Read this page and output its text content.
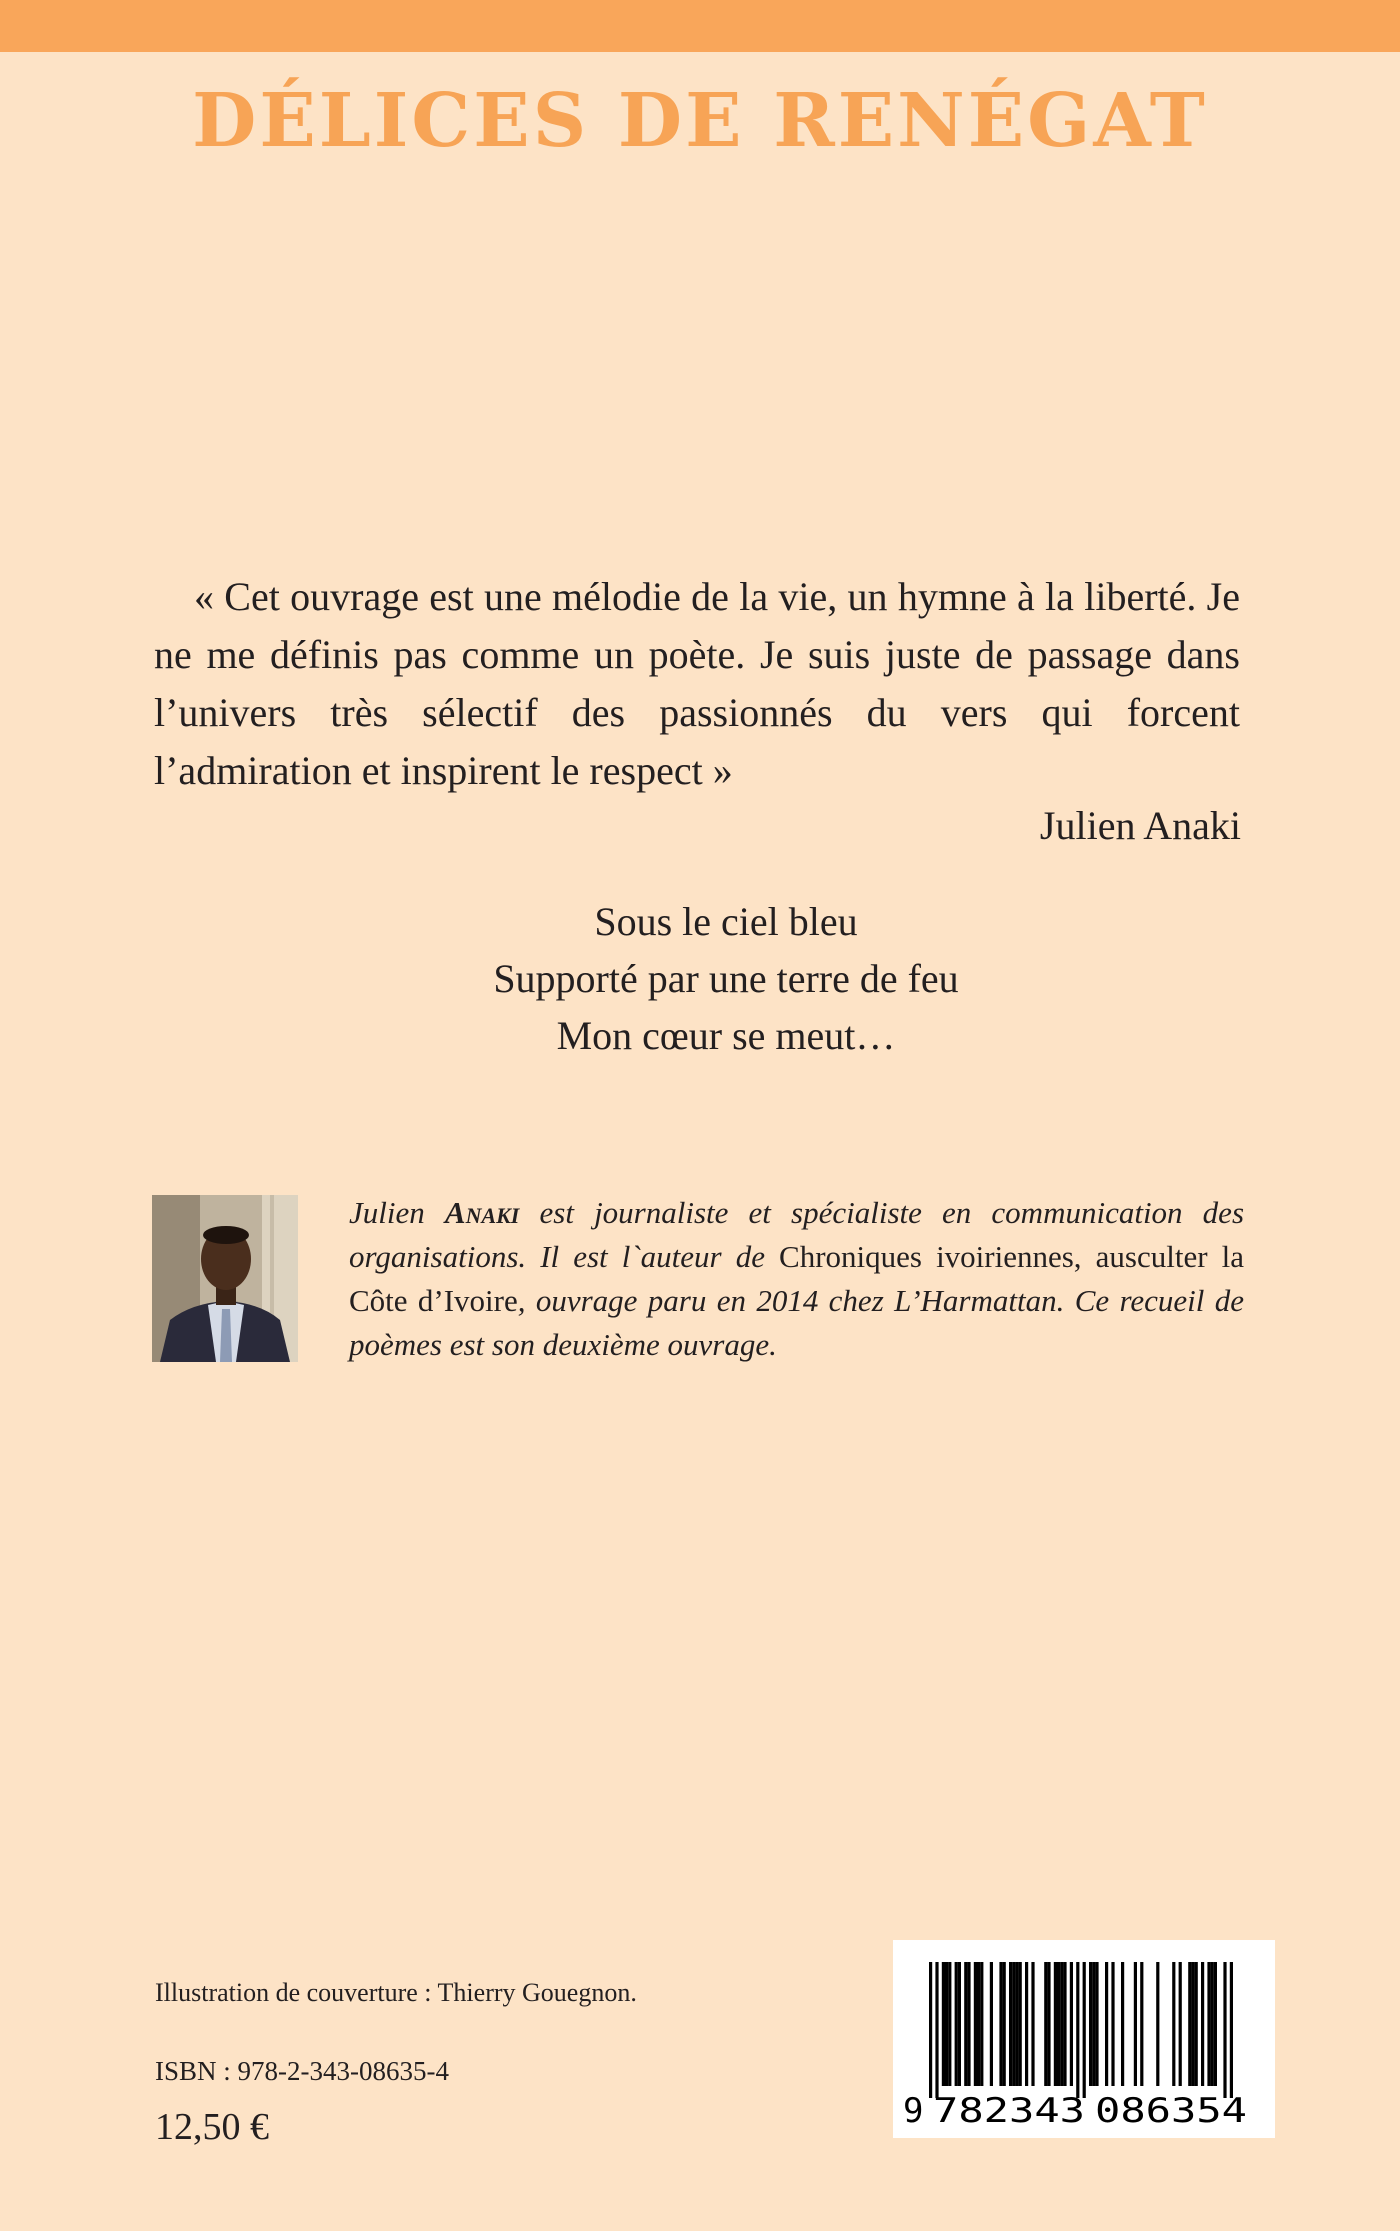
DÉLICES DE RENÉGAT

« Cet ouvrage est une mélodie de la vie, un hymne à la liberté. Je ne me définis pas comme un poète. Je suis juste de passage dans l’univers très sélectif des passionnés du vers qui forcent l’admiration et inspirent le respect »

Julien Anaki
Sous le ciel bleu
Supporté par une terre de feu
Mon cœur se meut…

Julien Anaki est journaliste et spécialiste en communication des organisations. Il est l`auteur de Chroniques ivoiriennes, ausculter la Côte d’Ivoire, ouvrage paru en 2014 chez L’Harmattan. Ce recueil de poèmes est son deuxième ouvrage.

Illustration de couverture : Thierry Gouegnon.
ISBN : 978-2-343-08635-4
12,50 €	9 782343 086354
